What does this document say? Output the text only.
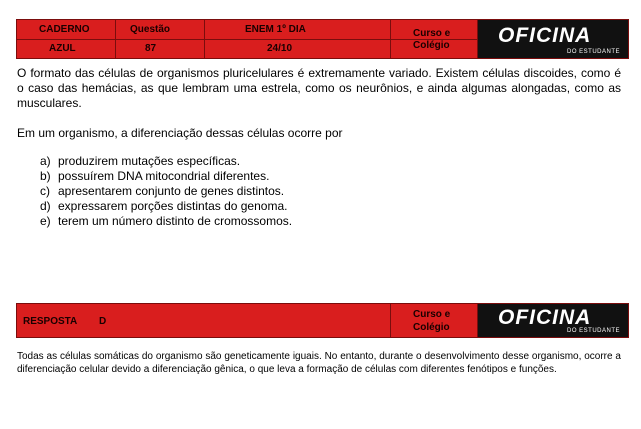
CADERNO
AZUL
Questão
87
ENEM 1º DIA
24/10
Curso e
Colégio OFICINA
DO ESTUDANTE
O formato das células de organismos pluricelulares é extremamente variado. Existem células discoides, como é o caso das hemácias, as que lembram uma estrela, como os neurônios, e ainda algumas alongadas, como as musculares.
Em um organismo, a diferenciação dessas células ocorre por
a) produzirem mutações específicas.
b) possuírem DNA mitocondrial diferentes.
c) apresentarem conjunto de genes distintos.
d) expressarem porções distintas do genoma.
e) terem um número distinto de cromossomos.
RESPOSTA D
Curso e
Colégio OFICINA
DO ESTUDANTE
Todas as células somáticas do organismo são geneticamente iguais. No entanto, durante o desenvolvimento desse organismo, ocorre a diferenciação celular devido a diferenciação gênica, o que leva a formação de células com diferentes fenótipos e funções.
